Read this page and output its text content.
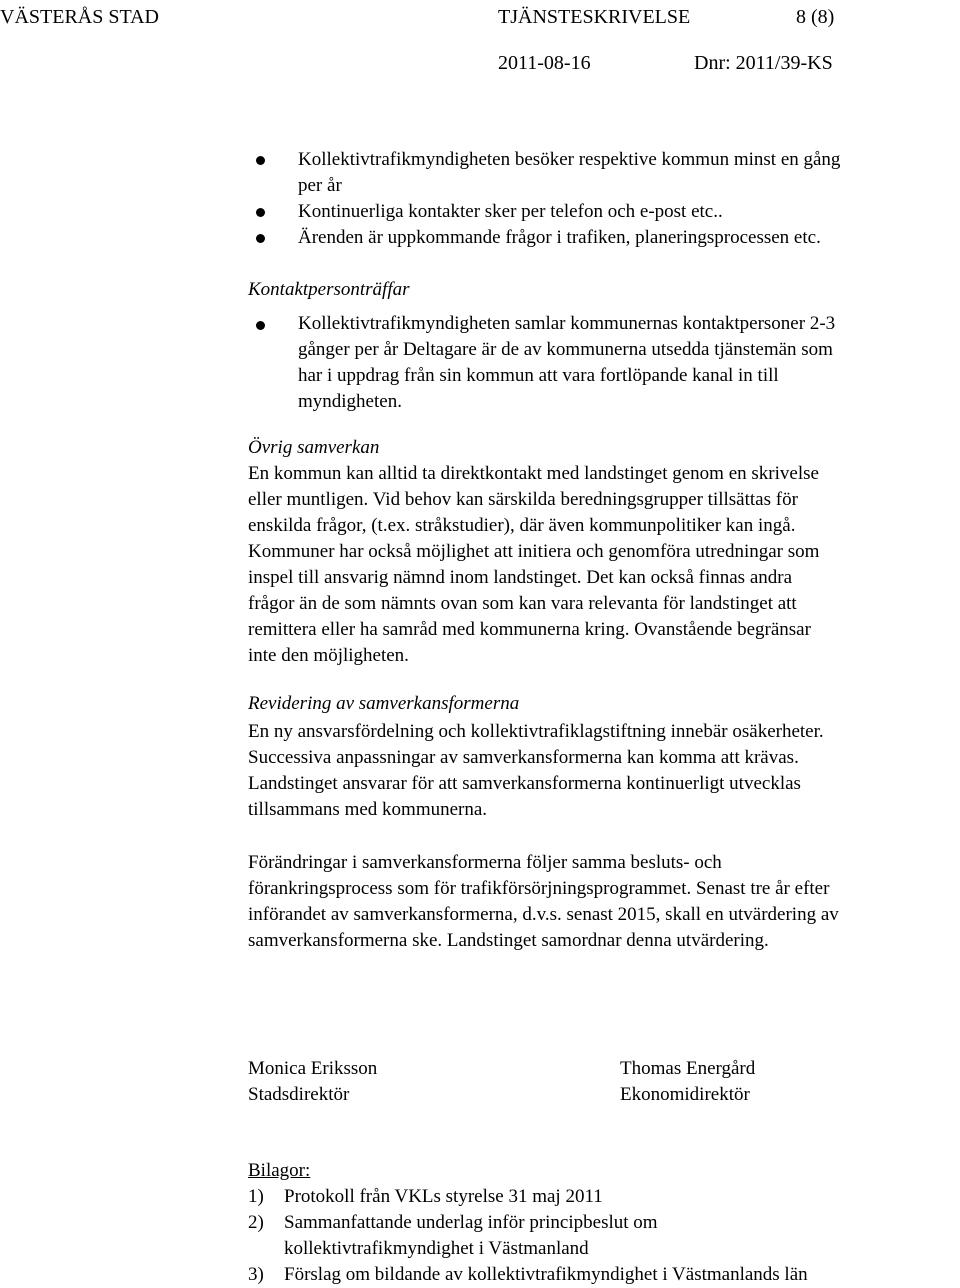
VÄSTERÅS STAD	TJÄNSTESKRIVELSE	8 (8)
2011-08-16	Dnr: 2011/39-KS
Kollektivtrafikmyndigheten besöker respektive kommun minst en gång
per år
Kontinuerliga kontakter sker per telefon och e-post etc..
Ärenden är uppkommande frågor i trafiken, planeringsprocessen etc.
Kontaktpersonträffar
Kollektivtrafikmyndigheten samlar kommunernas kontaktpersoner 2-3
gånger per år Deltagare är de av kommunerna utsedda tjänstemän som
har i uppdrag från sin kommun att vara fortlöpande kanal in till
myndigheten.
Övrig samverkan
En kommun kan alltid ta direktkontakt med landstinget genom en skrivelse
eller muntligen. Vid behov kan särskilda beredningsgrupper tillsättas för
enskilda frågor, (t.ex. stråkstudier), där även kommunpolitiker kan ingå.
Kommuner har också möjlighet att initiera och genomföra utredningar som
inspel till ansvarig nämnd inom landstinget. Det kan också finnas andra
frågor än de som nämnts ovan som kan vara relevanta för landstinget att
remittera eller ha samråd med kommunerna kring. Ovanstående begränsar
inte den möjligheten.
Revidering av samverkansformerna
En ny ansvarsfördelning och kollektivtrafiklagstiftning innebär osäkerheter.
Successiva anpassningar av samverkansformerna kan komma att krävas.
Landstinget ansvarar för att samverkansformerna kontinuerligt utvecklas
tillsammans med kommunerna.
Förändringar i samverkansformerna följer samma besluts- och
förankringsprocess som för trafikförsörjningsprogrammet. Senast tre år efter
införandet av samverkansformerna, d.v.s. senast 2015, skall en utvärdering av
samverkansformerna ske. Landstinget samordnar denna utvärdering.
Monica Eriksson
Stadsdirektör
Thomas Energård
Ekonomidirektör
Bilagor:
1) Protokoll från VKLs styrelse 31 maj 2011
2) Sammanfattande underlag inför principbeslut om
kollektivtrafikmyndighet i Västmanland
3) Förslag om bildande av kollektivtrafikmyndighet i Västmanlands län
